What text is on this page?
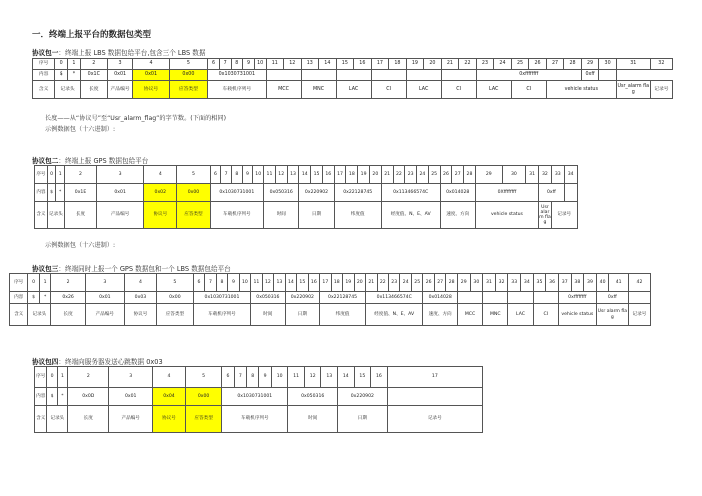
一．终端上报平台的数据包类型
协议包一：终端上报 LBS 数据包给平台,包含三个 LBS 数据
序号	0	1	2	3	4	5	6	7	8	9	10	11	12	13	14	15	16	17	18	19	20	21	22	23	24	25	26	27	28	29	30	31	32
内容	$	*	0x1C	0x01	0x01	0x00	0x1030731001																	0xffffffff						0xff			
含义	记录头		长度	产品编号	协议号	应答类型	车载机序列号					MCC		MNC		LAC		CI		LAC		CI		LAC		CI		vehicle status				Usr_alarm flag	记录号
长度——从“协议号”至“Usr_alarm_flag”的字节数。(下面的相同)
示例数据包（十六进制）:
协议包二：终端上报 GPS 数据包给平台
序号	0	1	2	3	4	5	6	7	8	9	10	11	12	13	14	15	16	17	18	19	20	21	22	23	24	25	26	27	28	29	30	31	32	33	34
内容	$	*	0x1E	0x01	0x02	0x00	0x1030731001					0x050316			0x220902			0x22128745				0x113466574C					0x014028			0Xffffffff			0xff		
含义	记录头		长度	产品编号	协议号	应答类型	车载机序列号					时间			日期			纬度值				经度值、N、E、AV					速度、方向			vehicle status			Usr alarm flag	记录号	
示例数据包（十六进制）:
协议包三：终端同时上报一个 GPS 数据包和一个 LBS 数据包给平台
序号	0	1	2	3	4	5	6	7	8	9	10	11	12	13	14	15	16	17	18	19	20	21	22	23	24	25	26	27	28	29	30	31	32	33	34	35	36	37	38	39	40	41	42
内容	$	*	0x26	0x01	0x03	0x00	0x1030731001					0x050316			0x220902			0x22128745				0x113466574C					0x014028											0xffffffff			0xff		
含义	记录头		长度	产品编号	协议号	应答类型	车载机序列号					时间			日期			纬度值				经度值、N、E、AV					速度、方向			MCC		MNC		LAC		CI		vehicle status			Usr alarm flag		记录号
协议包四：终端向服务器发送心跳数据 0x03
序号	0	1	2	3	4	5	6	7	8	9	10	11	12	13	14	15	16	17
内容	$	*	0x0D	0x01	0x04	0x00	0x1030731001					0x050316			0x220902			
含义	记录头		长度	产品编号	协议号	应答类型	车载机序列号					时间			日期			记录号
